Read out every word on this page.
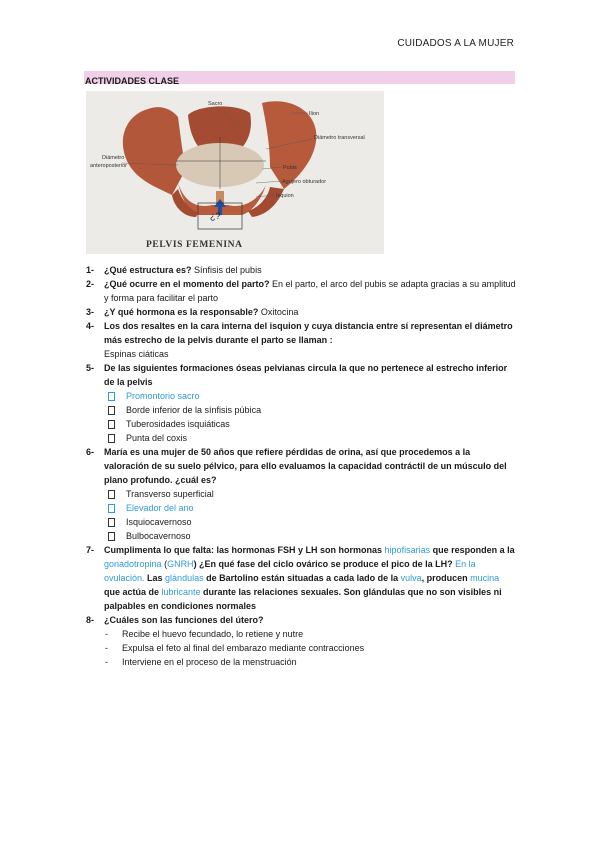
CUIDADOS A LA MUJER
ACTIVIDADES CLASE
¿?
Sacro
Ilion
Diámetro transversal
Diámetro
anteroposterior	Pubis
Agujero obturador
Isquion
PELVIS FEMENINA
1- ¿Qué estructura es? Sínfisis del pubis
2- ¿Qué ocurre en el momento del parto? En el parto, el arco del pubis se adapta gracias a su amplitud y forma para facilitar el parto
3- ¿Y qué hormona es la responsable? Oxitocina
4- Los dos resaltes en la cara interna del isquion y cuya distancia entre sí representan el diámetro más estrecho de la pelvis durante el parto se llaman :
Espinas ciáticas
5- De las siguientes formaciones óseas pelvianas circula la que no pertenece al estrecho inferior de la pelvis
Promontorio sacro
Borde inferior de la sínfisis púbica
Tuberosidades isquiáticas
Punta del coxis
6- María es una mujer de 50 años que refiere pérdidas de orina, así que procedemos a la valoración de su suelo pélvico, para ello evaluamos la capacidad contráctil de un músculo del plano profundo. ¿cuál es?
Transverso superficial
Elevador del ano
Isquiocavernoso
Bulbocavernoso
7- Cumplimenta lo que falta: las hormonas FSH y LH son hormonas hipofisarias que responden a la gonadotropina (GNRH) ¿En qué fase del ciclo ovárico se produce el pico de la LH? En la ovulación. Las glándulas de Bartolino están situadas a cada lado de la vulva, producen mucina que actúa de lubricante durante las relaciones sexuales. Son glándulas que no son visibles ni palpables en condiciones normales
8- ¿Cuáles son las funciones del útero?
- Recibe el huevo fecundado, lo retiene y nutre
- Expulsa el feto al final del embarazo mediante contracciones
- Interviene en el proceso de la menstruación
